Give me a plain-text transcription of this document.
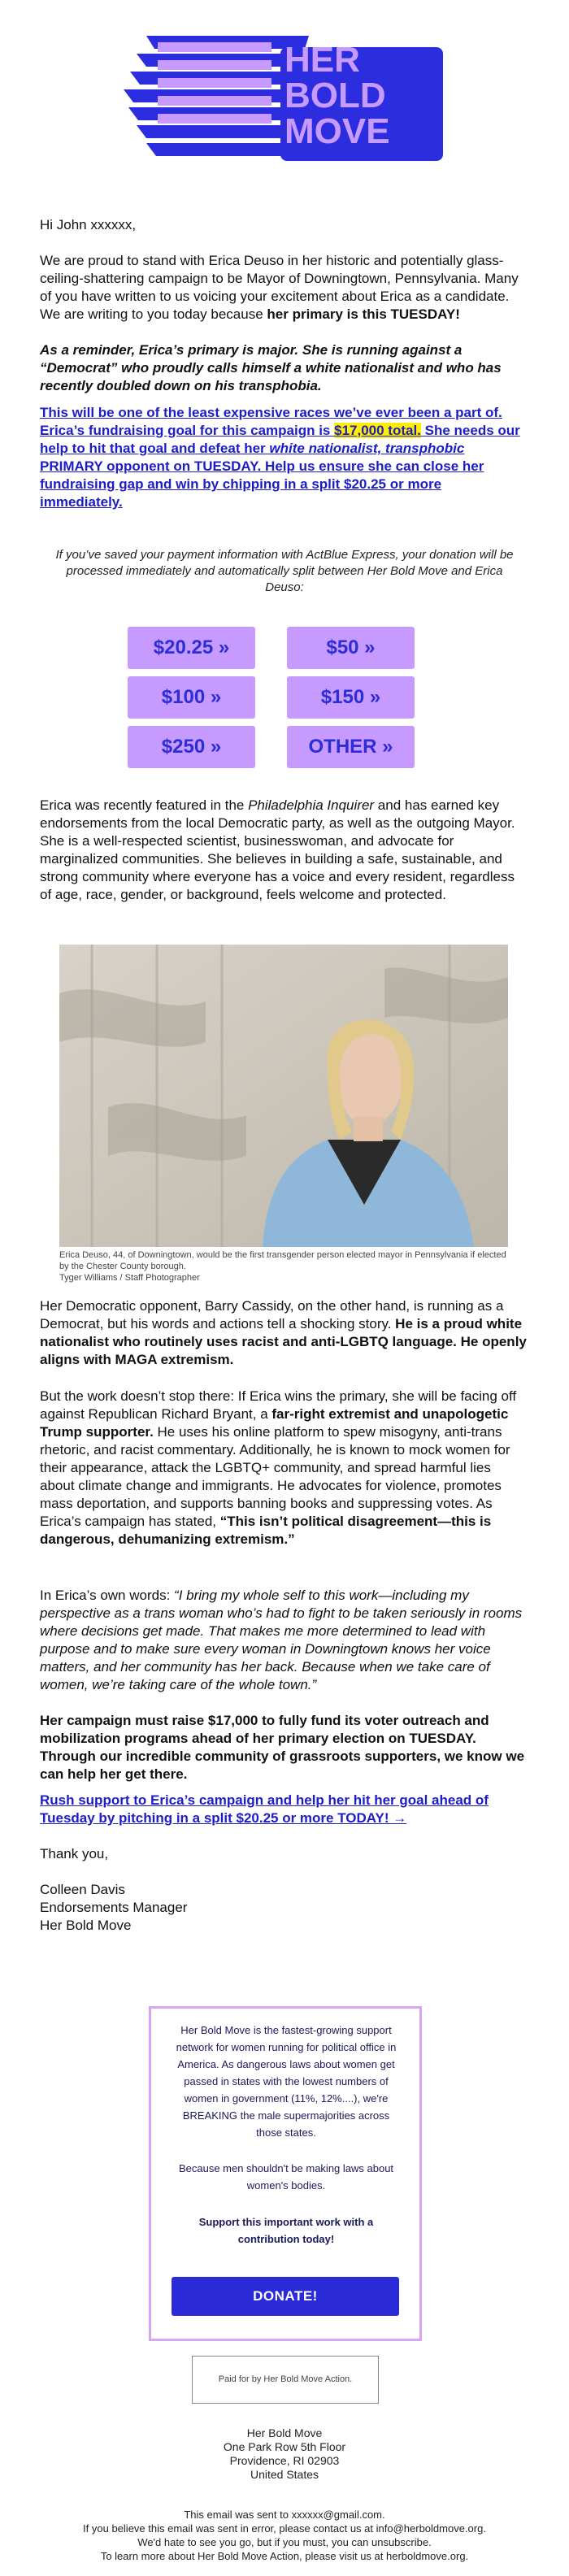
HER
BOLD
MOVE

Hi John xxxxxx,

We are proud to stand with Erica Deuso in her historic and potentially glass-ceiling-shattering campaign to be Mayor of Downingtown, Pennsylvania. Many of you have written to us voicing your excitement about Erica as a candidate. We are writing to you today because her primary is this TUESDAY!

As a reminder, Erica’s primary is major. She is running against a “Democrat” who proudly calls himself a white nationalist and who has recently doubled down on his transphobia.

This will be one of the least expensive races we’ve ever been a part of. Erica’s fundraising goal for this campaign is $17,000 total. She needs our help to hit that goal and defeat her white nationalist, transphobic PRIMARY opponent on TUESDAY. Help us ensure she can close her fundraising gap and win by chipping in a split $20.25 or more immediately.

If you’ve saved your payment information with ActBlue Express, your donation will be processed immediately and automatically split between Her Bold Move and Erica Deuso:
$20.25 »	$50 »
$100 »	$150 »
$250 »	OTHER »

Erica was recently featured in the Philadelphia Inquirer and has earned key endorsements from the local Democratic party, as well as the outgoing Mayor. She is a well-respected scientist, businesswoman, and advocate for marginalized communities. She believes in building a safe, sustainable, and strong community where everyone has a voice and every resident, regardless of age, race, gender, or background, feels welcome and protected.

Erica Deuso, 44, of Downingtown, would be the first transgender person elected mayor in Pennsylvania if elected by the Chester County borough.
Tyger Williams / Staff Photographer

Her Democratic opponent, Barry Cassidy, on the other hand, is running as a Democrat, but his words and actions tell a shocking story. He is a proud white nationalist who routinely uses racist and anti-LGBTQ language. He openly aligns with MAGA extremism.

But the work doesn’t stop there: If Erica wins the primary, she will be facing off against Republican Richard Bryant, a far-right extremist and unapologetic Trump supporter. He uses his online platform to spew misogyny, anti-trans rhetoric, and racist commentary. Additionally, he is known to mock women for their appearance, attack the LGBTQ+ community, and spread harmful lies about climate change and immigrants. He advocates for violence, promotes mass deportation, and supports banning books and suppressing votes. As Erica’s campaign has stated, “This isn’t political disagreement—this is dangerous, dehumanizing extremism.”

In Erica’s own words: “I bring my whole self to this work—including my perspective as a trans woman who’s had to fight to be taken seriously in rooms where decisions get made. That makes me more determined to lead with purpose and to make sure every woman in Downingtown knows her voice matters, and her community has her back. Because when we take care of women, we’re taking care of the whole town.”

Her campaign must raise $17,000 to fully fund its voter outreach and mobilization programs ahead of her primary election on TUESDAY. Through our incredible community of grassroots supporters, we know we can help her get there.

Rush support to Erica’s campaign and help her hit her goal ahead of Tuesday by pitching in a split $20.25 or more TODAY! →

Thank you,

Colleen Davis

Endorsements Manager

Her Bold Move

Her Bold Move is the fastest-growing support network for women running for political office in America. As dangerous laws about women get passed in states with the lowest numbers of women in government (11%, 12%....), we're BREAKING the male supermajorities across those states.
Because men shouldn't be making laws about women's bodies.
Support this important work with a contribution today!
DONATE!
Paid for by Her Bold Move Action.
Her Bold Move
One Park Row 5th Floor
Providence, RI 02903
United States
This email was sent to xxxxxx@gmail.com.
If you believe this email was sent in error, please contact us at info@herboldmove.org.
We'd hate to see you go, but if you must, you can unsubscribe.
To learn more about Her Bold Move Action, please visit us at herboldmove.org.
